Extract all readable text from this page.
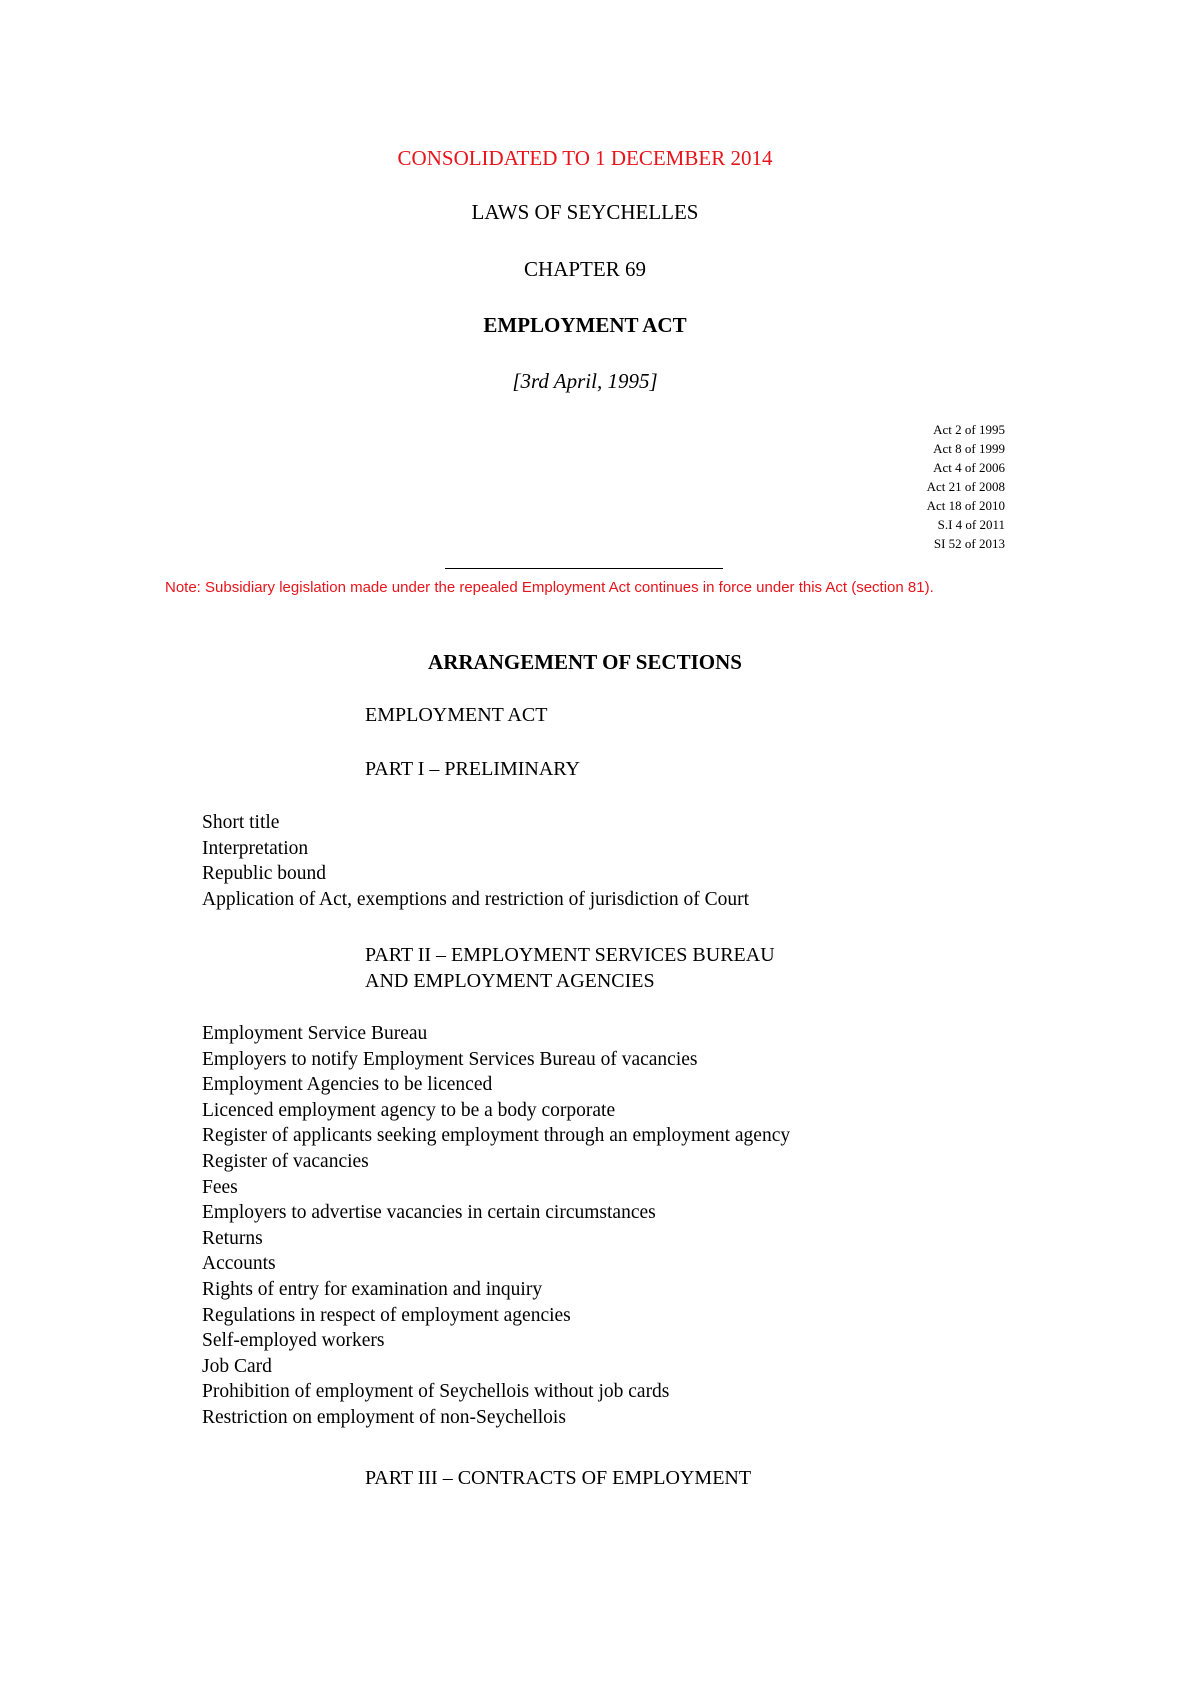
CONSOLIDATED TO 1 DECEMBER 2014
LAWS OF SEYCHELLES
CHAPTER 69
EMPLOYMENT ACT
[3rd April, 1995]
Act 2 of 1995
Act 8 of 1999
Act 4 of 2006
Act 21 of 2008
Act 18 of 2010
S.I 4 of 2011
SI 52 of 2013
Note: Subsidiary legislation made under the repealed Employment Act continues in force under this Act (section 81).
ARRANGEMENT OF SECTIONS
EMPLOYMENT ACT
PART I – PRELIMINARY
Short title
Interpretation
Republic bound
Application of Act, exemptions and restriction of jurisdiction of Court
PART II – EMPLOYMENT SERVICES BUREAU
AND EMPLOYMENT AGENCIES
Employment Service Bureau
Employers to notify Employment Services Bureau of vacancies
Employment Agencies to be licenced
Licenced employment agency to be a body corporate
Register of applicants seeking employment through an employment agency
Register of vacancies
Fees
Employers to advertise vacancies in certain circumstances
Returns
Accounts
Rights of entry for examination and inquiry
Regulations in respect of employment agencies
Self-employed workers
Job Card
Prohibition of employment of Seychellois without job cards
Restriction on employment of non-Seychellois
PART III – CONTRACTS OF EMPLOYMENT
